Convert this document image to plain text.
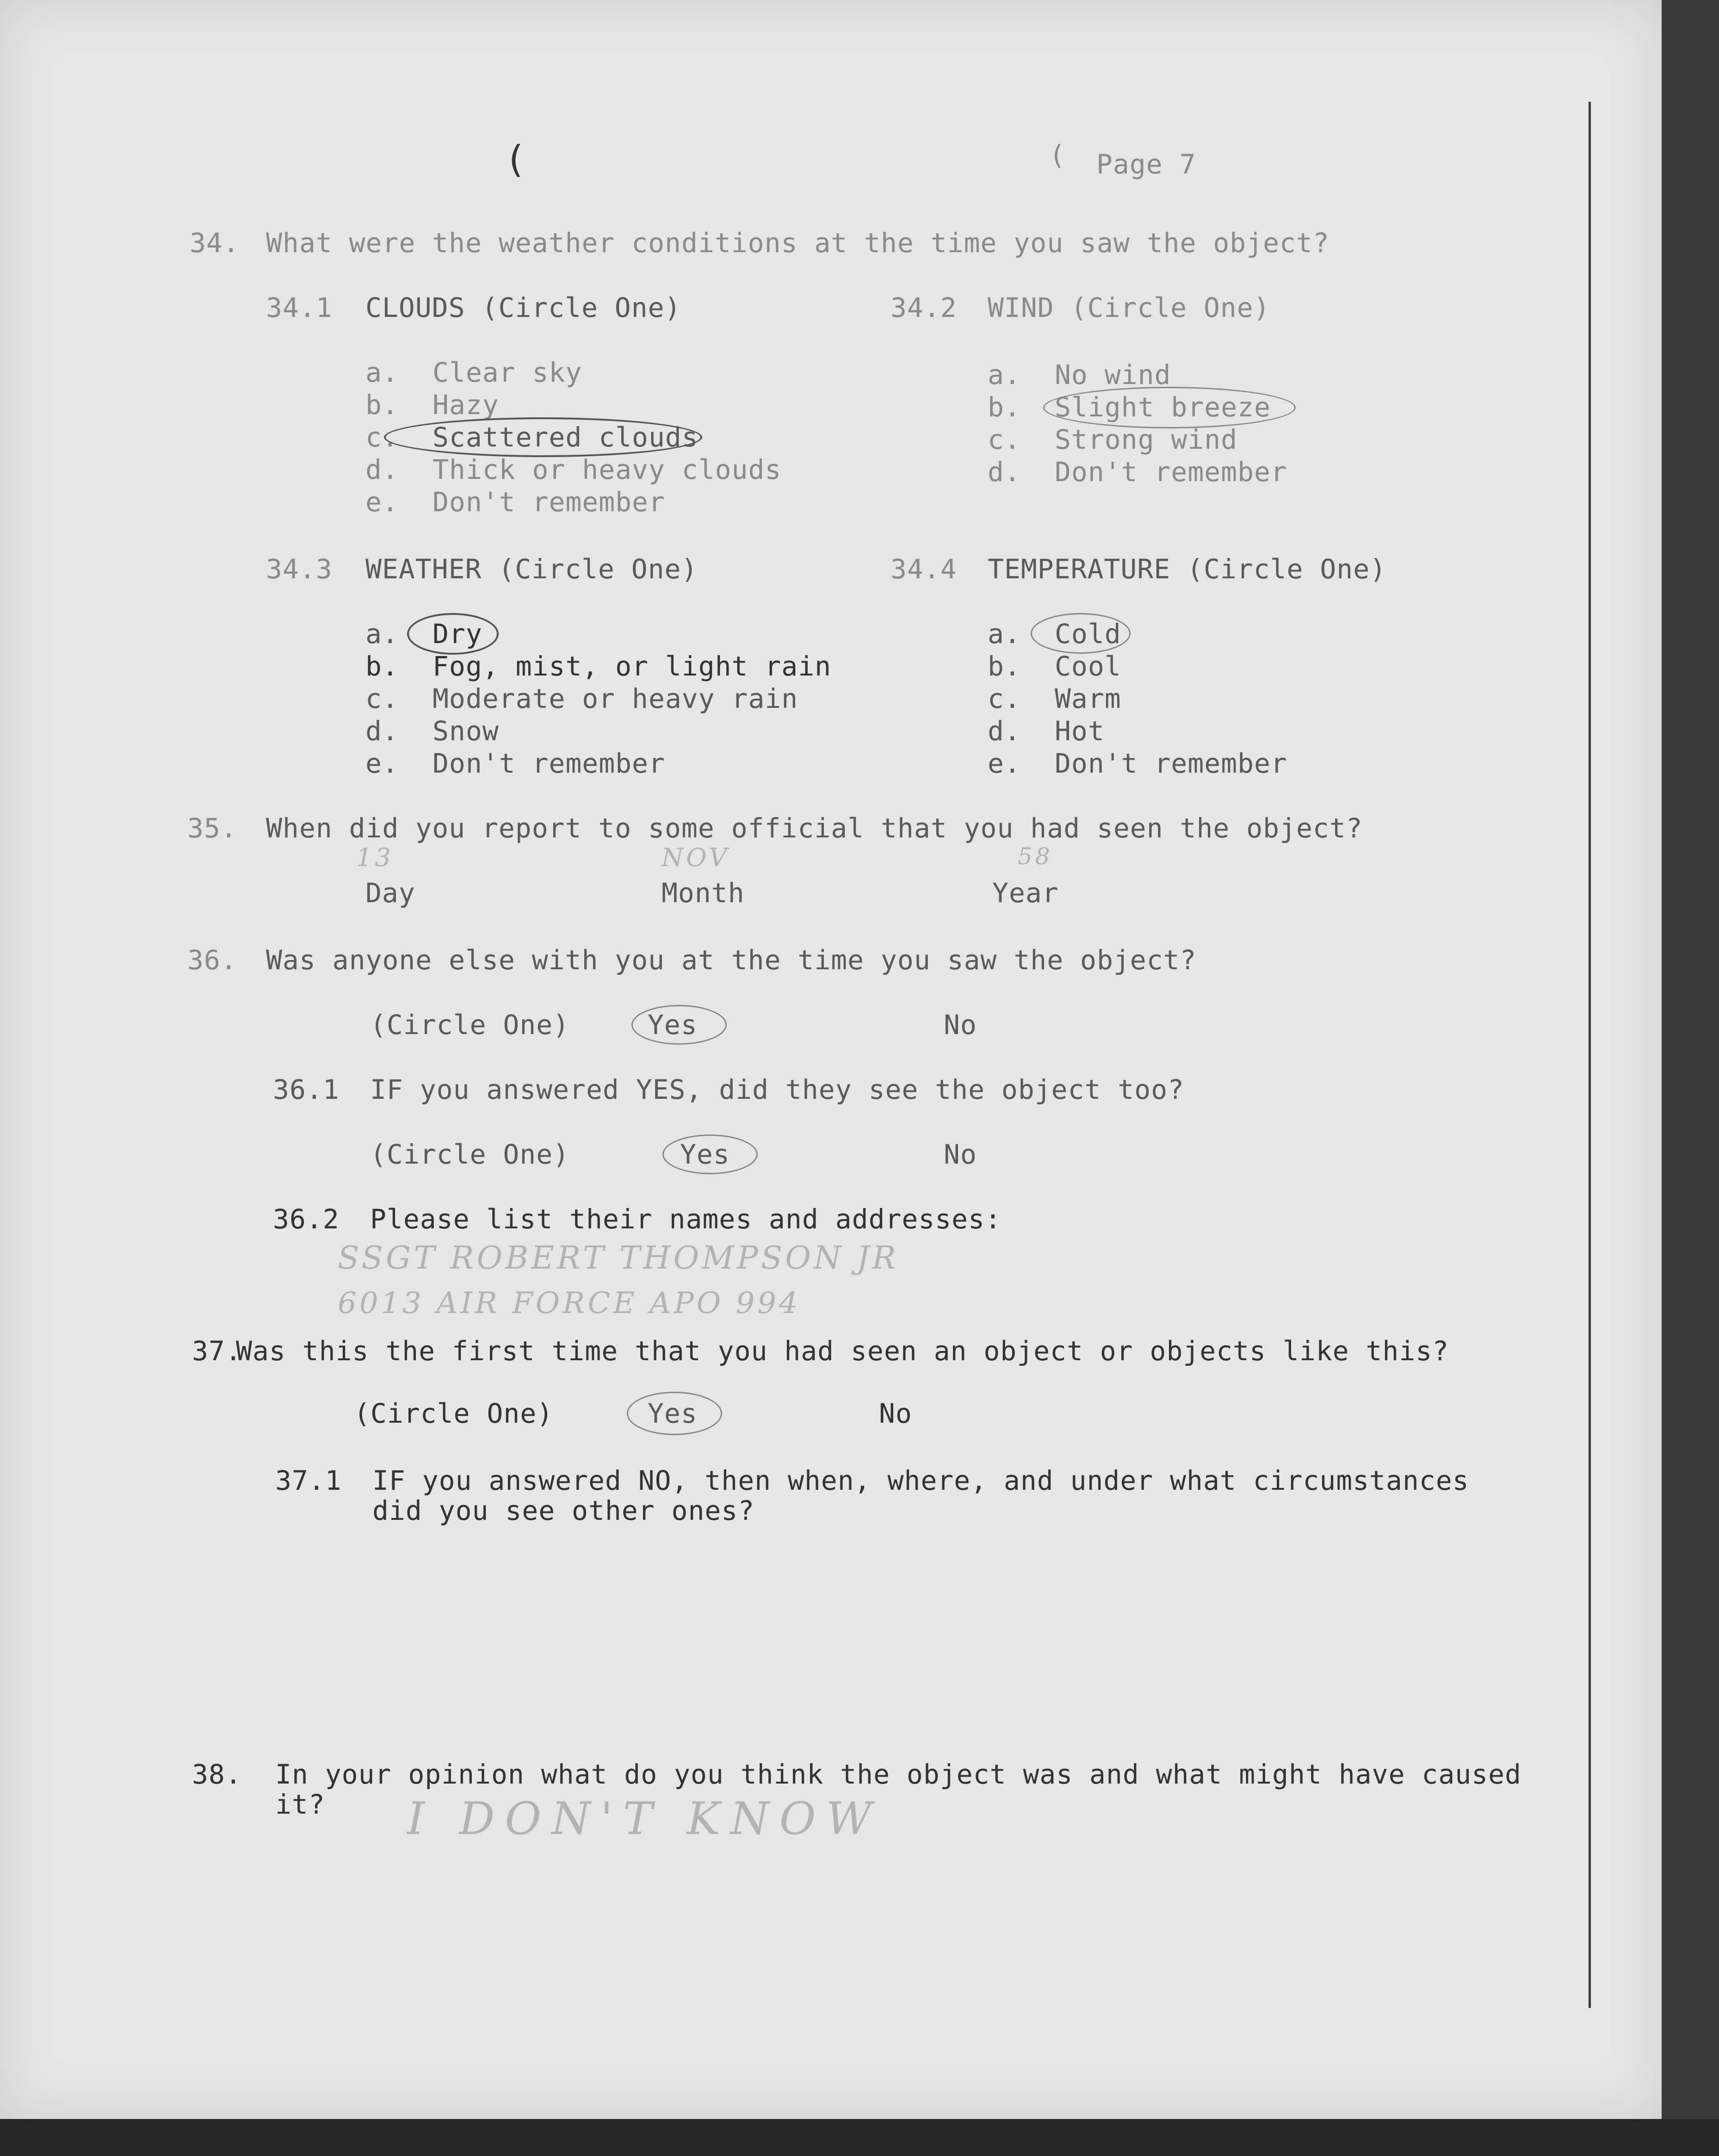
(	( Page 7
34. What were the weather conditions at the time you saw the object?
34.1 CLOUDS (Circle One)
a. Clear sky
b. Hazy
c. Scattered clouds
d. Thick or heavy clouds
e. Don't remember
34.2 WIND (Circle One)
a. No wind
b. Slight breeze
c. Strong wind
d. Don't remember
34.3 WEATHER (Circle One)
a. Dry
b. Fog, mist, or light rain
c. Moderate or heavy rain
d. Snow
e. Don't remember
34.4 TEMPERATURE (Circle One)
a. Cold
b. Cool
c. Warm
d. Hot
e. Don't remember
35. When did you report to some official that you had seen the object?
13	NOV	58
Day	Month	Year
36. Was anyone else with you at the time you saw the object?
(Circle One)	Yes	No
36.1 IF you answered YES, did they see the object too?
(Circle One)	Yes	No
36.2 Please list their names and addresses:
SSGT ROBERT THOMPSON JR
6013 AIR FORCE APO 994
37.
Was this the first time that you had seen an object or objects like this?
(Circle One)	Yes	No
37.1 IF you answered NO, then when, where, and under what circumstances
did you see other ones?
38. In your opinion what do you think the object was and what might have caused
it? I DON'T KNOW
